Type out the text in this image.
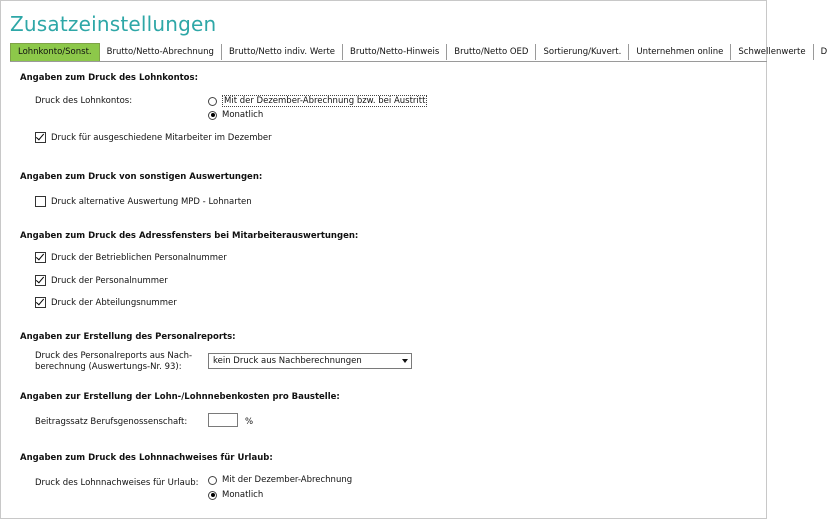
Zusatzeinstellungen
Lohnkonto/Sonst.	Brutto/Netto-Abrechnung	Brutto/Netto indiv. Werte	Brutto/Netto-Hinweis	Brutto/Netto OED	Sortierung/Kuvert.	Unternehmen online	Schwellenwerte	D
Angaben zum Druck des Lohnkontos:
Druck des Lohnkontos:	Mit der Dezember-Abrechnung bzw. bei Austritt
Monatlich
Druck für ausgeschiedene Mitarbeiter im Dezember
Angaben zum Druck von sonstigen Auswertungen:
Druck alternative Auswertung MPD - Lohnarten
Angaben zum Druck des Adressfensters bei Mitarbeiterauswertungen:
Druck der Betrieblichen Personalnummer
Druck der Personalnummer
Druck der Abteilungsnummer
Angaben zur Erstellung des Personalreports:
Druck des Personalreports aus Nach-
berechnung (Auswertungs-Nr. 93):
kein Druck aus Nachberechnungen
Angaben zur Erstellung der Lohn-/Lohnnebenkosten pro Baustelle:
Beitragssatz Berufsgenossenschaft:	%
Angaben zum Druck des Lohnnachweises für Urlaub:
Druck des Lohnnachweises für Urlaub:	Mit der Dezember-Abrechnung
Monatlich
